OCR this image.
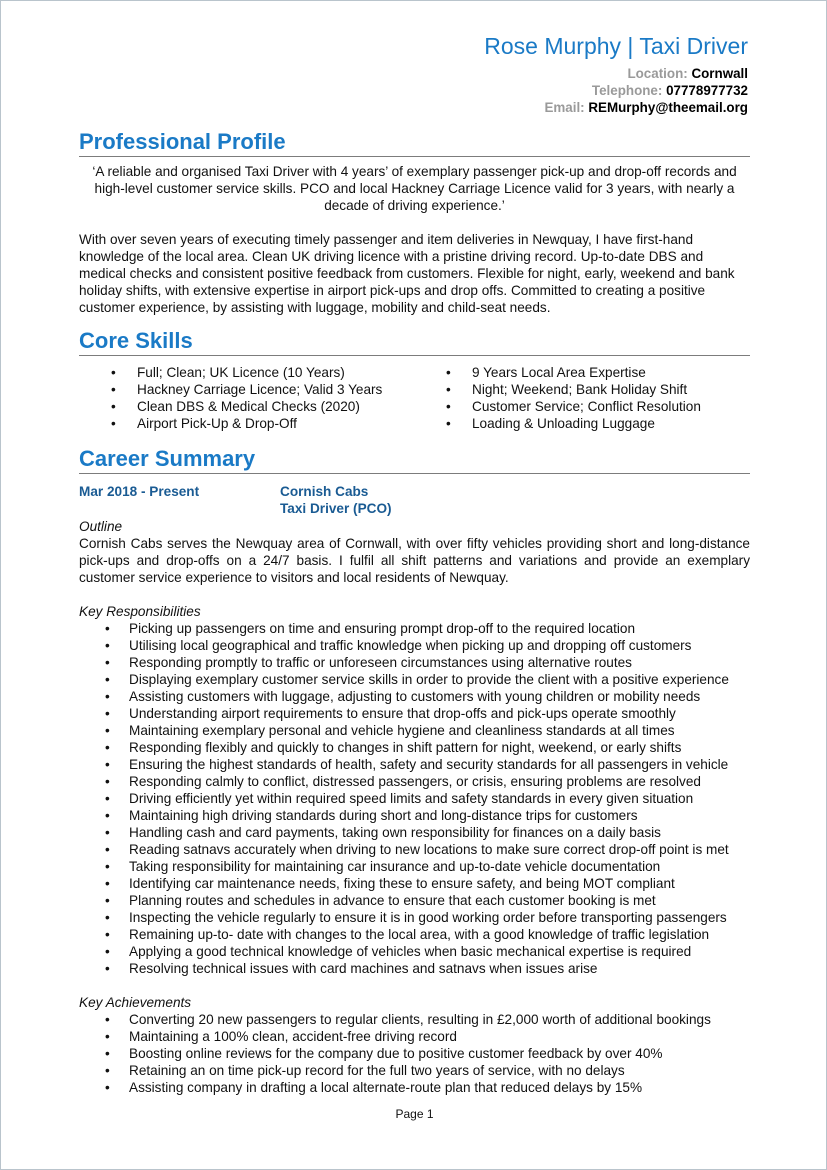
Rose Murphy | Taxi Driver
Location: Cornwall
Telephone: 07778977732
Email: REMurphy@theemail.org
Professional Profile
‘A reliable and organised Taxi Driver with 4 years’ of exemplary passenger pick-up and drop-off records and high-level customer service skills. PCO and local Hackney Carriage Licence valid for 3 years, with nearly a decade of driving experience.’
With over seven years of executing timely passenger and item deliveries in Newquay, I have first-hand knowledge of the local area. Clean UK driving licence with a pristine driving record. Up-to-date DBS and medical checks and consistent positive feedback from customers. Flexible for night, early, weekend and bank holiday shifts, with extensive expertise in airport pick-ups and drop offs. Committed to creating a positive customer experience, by assisting with luggage, mobility and child-seat needs.
Core Skills
• Full; Clean; UK Licence (10 Years)
• Hackney Carriage Licence; Valid 3 Years
• Clean DBS & Medical Checks (2020)
• Airport Pick-Up & Drop-Off
• 9 Years Local Area Expertise
• Night; Weekend; Bank Holiday Shift
• Customer Service; Conflict Resolution
• Loading & Unloading Luggage
Career Summary
Mar 2018 - Present	Cornish Cabs
Taxi Driver (PCO)
Outline
Cornish Cabs serves the Newquay area of Cornwall, with over fifty vehicles providing short and long-distance pick-ups and drop-offs on a 24/7 basis. I fulfil all shift patterns and variations and provide an exemplary customer service experience to visitors and local residents of Newquay.
Key Responsibilities
• Picking up passengers on time and ensuring prompt drop-off to the required location
• Utilising local geographical and traffic knowledge when picking up and dropping off customers
• Responding promptly to traffic or unforeseen circumstances using alternative routes
• Displaying exemplary customer service skills in order to provide the client with a positive experience
• Assisting customers with luggage, adjusting to customers with young children or mobility needs
• Understanding airport requirements to ensure that drop-offs and pick-ups operate smoothly
• Maintaining exemplary personal and vehicle hygiene and cleanliness standards at all times
• Responding flexibly and quickly to changes in shift pattern for night, weekend, or early shifts
• Ensuring the highest standards of health, safety and security standards for all passengers in vehicle
• Responding calmly to conflict, distressed passengers, or crisis, ensuring problems are resolved
• Driving efficiently yet within required speed limits and safety standards in every given situation
• Maintaining high driving standards during short and long-distance trips for customers
• Handling cash and card payments, taking own responsibility for finances on a daily basis
• Reading satnavs accurately when driving to new locations to make sure correct drop-off point is met
• Taking responsibility for maintaining car insurance and up-to-date vehicle documentation
• Identifying car maintenance needs, fixing these to ensure safety, and being MOT compliant
• Planning routes and schedules in advance to ensure that each customer booking is met
• Inspecting the vehicle regularly to ensure it is in good working order before transporting passengers
• Remaining up-to- date with changes to the local area, with a good knowledge of traffic legislation
• Applying a good technical knowledge of vehicles when basic mechanical expertise is required
• Resolving technical issues with card machines and satnavs when issues arise
Key Achievements
• Converting 20 new passengers to regular clients, resulting in £2,000 worth of additional bookings
• Maintaining a 100% clean, accident-free driving record
• Boosting online reviews for the company due to positive customer feedback by over 40%
• Retaining an on time pick-up record for the full two years of service, with no delays
• Assisting company in drafting a local alternate-route plan that reduced delays by 15%
Page 1
